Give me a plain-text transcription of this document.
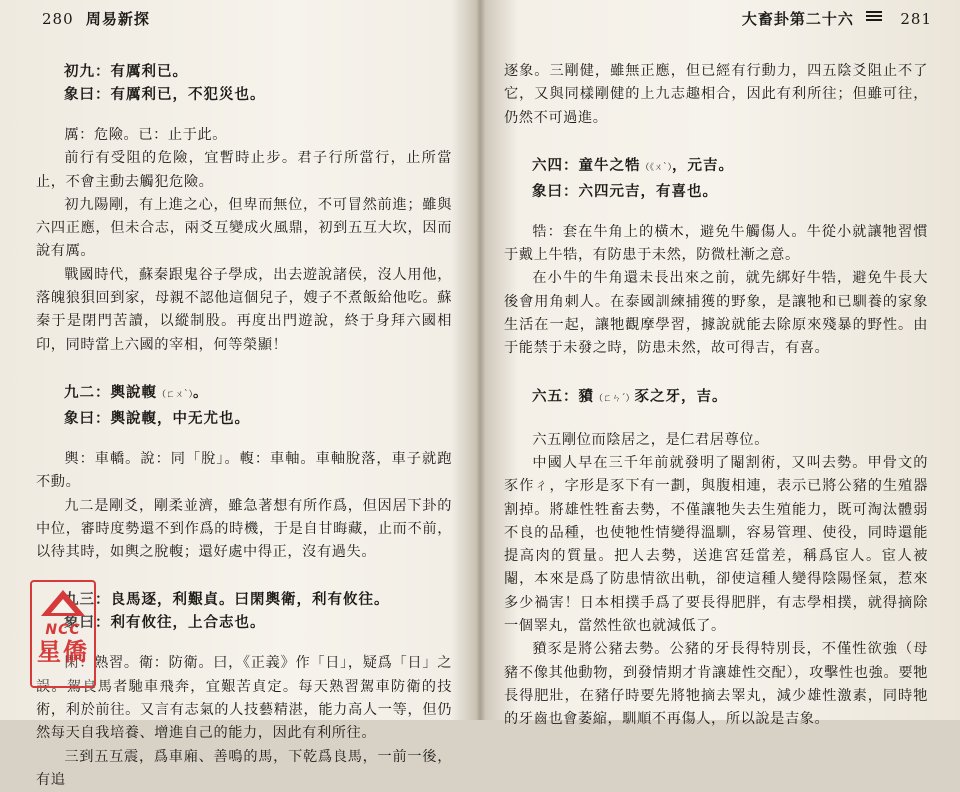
280 周易新探

初九：有厲利已。

象曰：有厲利已，不犯災也。

厲：危險。已：止于此。

前行有受阻的危險，宜暫時止步。君子行所當行，止所當止，不會主動去觸犯危險。

初九陽剛，有上進之心，但卑而無位，不可冒然前進；雖與六四正應，但未合志，兩爻互變成火風鼎，初到五互大坎，因而說有厲。

戰國時代，蘇秦跟鬼谷子學成，出去遊說諸侯，沒人用他，落魄狼狽回到家，母親不認他這個兒子，嫂子不煮飯給他吃。蘇秦于是閉門苦讀，以縱制股。再度出門遊說，終于身拜六國相印，同時當上六國的宰相，何等榮顯！

九二：輿說輹（ㄈㄨˋ）。

象曰：輿說輹，中无尤也。

輿：車轎。說：同「脫」。輹：車軸。車軸脫落，車子就跑不動。

九二是剛爻，剛柔並濟，雖急著想有所作爲，但因居下卦的中位，審時度勢還不到作爲的時機，于是自甘晦藏，止而不前，以待其時，如輿之脫輹；還好處中得正，沒有過失。

九三：良馬逐，利艱貞。曰閑輿衛，利有攸往。

象曰：利有攸往，上合志也。

閑：熟習。衛：防衛。曰，《正義》作「日」，疑爲「日」之誤。駕良馬者馳車飛奔，宜艱苦貞定。每天熟習駕車防衛的技術，利於前往。又言有志氣的人技藝精湛，能力高人一等，但仍然每天自我培養、增進自己的能力，因此有利所往。

三到五互震，爲車廂、善鳴的馬，下乾爲良馬，一前一後，有追

NCC
星僑
大畜卦第二十六	281

逐象。三剛健，雖無正應，但已經有行動力，四五陰爻阻止不了它，又與同樣剛健的上九志趣相合，因此有利所往；但雖可往，仍然不可過進。

六四：童牛之牿（《ㄨˋ），元吉。

象曰：六四元吉，有喜也。

牿：套在牛角上的橫木，避免牛觸傷人。牛從小就讓牠習慣于戴上牛牿，有防患于未然，防微杜漸之意。

在小牛的牛角還未長出來之前，就先綁好牛牿，避免牛長大後會用角刺人。在泰國訓練捕獲的野象，是讓牠和已馴養的家象生活在一起，讓牠觀摩學習，據說就能去除原來殘暴的野性。由于能禁于未發之時，防患未然，故可得吉，有喜。

六五：豶（ㄈㄣˊ）豕之牙，吉。

六五剛位而陰居之，是仁君居尊位。

中國人早在三千年前就發明了閹割術，又叫去勢。甲骨文的豕作ㄔ，字形是豕下有一劃，與腹相連，表示已將公豬的生殖器割掉。將雄性牲畜去勢，不僅讓牠失去生殖能力，既可淘汰體弱不良的品種，也使牠性情變得溫馴，容易管理、使役，同時還能提高肉的質量。把人去勢，送進宮廷當差，稱爲宦人。宦人被閹，本來是爲了防患情欲出軌，卻使這種人變得陰陽怪氣，惹來多少禍害！日本相撲手爲了要長得肥胖，有志學相撲，就得摘除一個睪丸，當然性欲也就減低了。

豶豕是將公豬去勢。公豬的牙長得特別長，不僅性欲強（母豬不像其他動物，到發情期才肯讓雄性交配），攻擊性也強。要牠長得肥壯，在豬仔時要先將牠摘去睪丸，減少雄性激素，同時牠的牙齒也會萎縮，馴順不再傷人，所以說是吉象。
